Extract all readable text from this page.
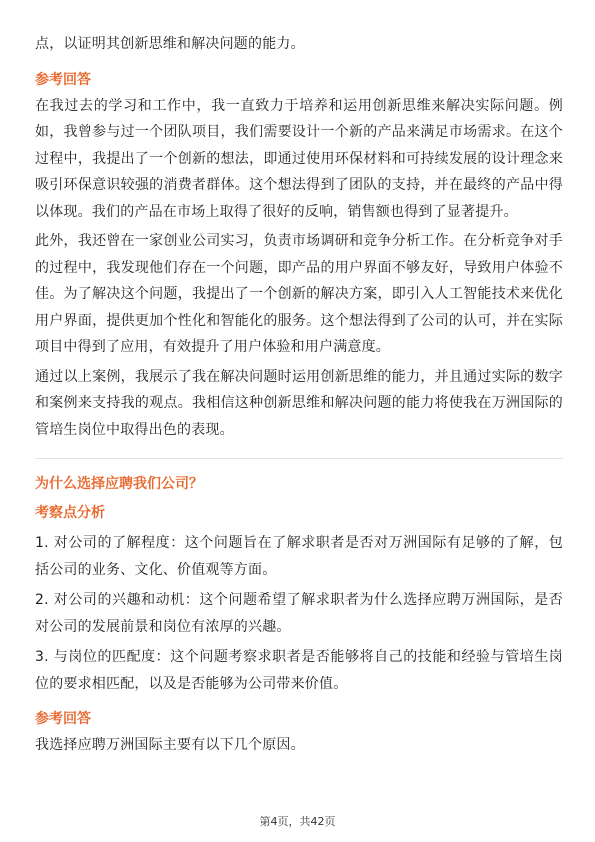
点，以证明其创新思维和解决问题的能力。

参考回答

在我过去的学习和工作中，我一直致力于培养和运用创新思维来解决实际问题。例如，我曾参与过一个团队项目，我们需要设计一个新的产品来满足市场需求。在这个过程中，我提出了一个创新的想法，即通过使用环保材料和可持续发展的设计理念来吸引环保意识较强的消费者群体。这个想法得到了团队的支持，并在最终的产品中得以体现。我们的产品在市场上取得了很好的反响，销售额也得到了显著提升。

此外，我还曾在一家创业公司实习，负责市场调研和竞争分析工作。在分析竞争对手的过程中，我发现他们存在一个问题，即产品的用户界面不够友好，导致用户体验不佳。为了解决这个问题，我提出了一个创新的解决方案，即引入人工智能技术来优化用户界面，提供更加个性化和智能化的服务。这个想法得到了公司的认可，并在实际项目中得到了应用，有效提升了用户体验和用户满意度。

通过以上案例，我展示了我在解决问题时运用创新思维的能力，并且通过实际的数字和案例来支持我的观点。我相信这种创新思维和解决问题的能力将使我在万洲国际的管培生岗位中取得出色的表现。

为什么选择应聘我们公司？

考察点分析

1. 对公司的了解程度：这个问题旨在了解求职者是否对万洲国际有足够的了解，包括公司的业务、文化、价值观等方面。

2. 对公司的兴趣和动机：这个问题希望了解求职者为什么选择应聘万洲国际，是否对公司的发展前景和岗位有浓厚的兴趣。

3. 与岗位的匹配度：这个问题考察求职者是否能够将自己的技能和经验与管培生岗位的要求相匹配，以及是否能够为公司带来价值。

参考回答

我选择应聘万洲国际主要有以下几个原因。

第4页，共42页
